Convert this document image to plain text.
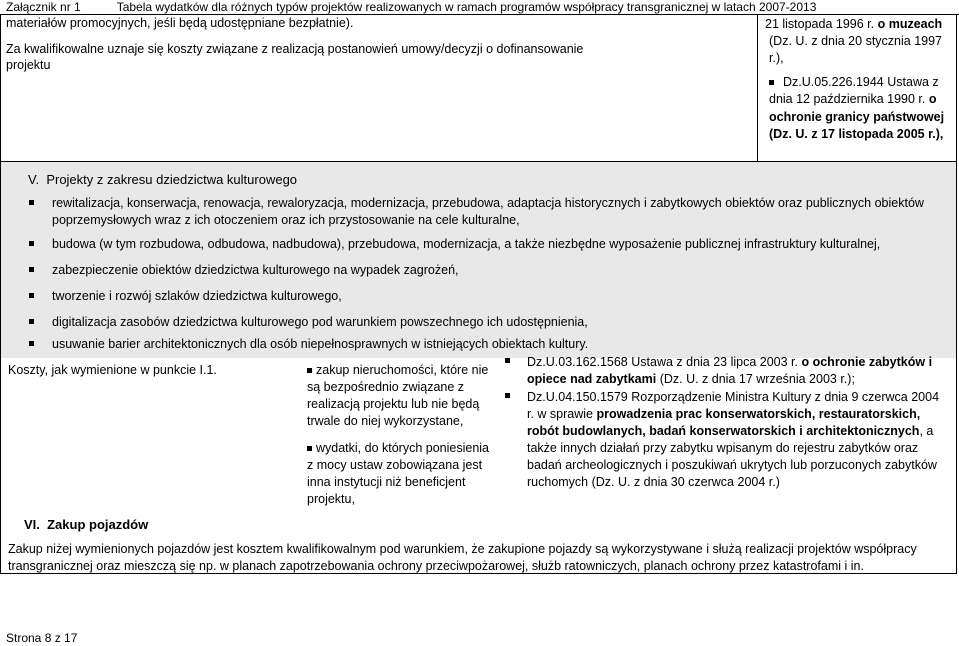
Załącznik nr 1	Tabela wydatków dla różnych typów projektów realizowanych w ramach programów współpracy transgranicznej w latach 2007-2013
materiałów promocyjnych, jeśli będą udostępniane bezpłatnie).
Za kwalifikowalne uznaje się koszty związane z realizacją postanowień umowy/decyzji o dofinansowanie
projektu
21 listopada 1996 r. o muzeach
(Dz. U. z dnia 20 stycznia 1997
r.),
Dz.U.05.226.1944 Ustawa z
dnia 12 października 1990 r. o
ochronie granicy państwowej
(Dz. U. z 17 listopada 2005 r.),
V.  Projekty z zakresu dziedzictwa kulturowego
rewitalizacja, konserwacja, renowacja, rewaloryzacja, modernizacja, przebudowa, adaptacja historycznych i zabytkowych obiektów oraz publicznych obiektów poprzemysłowych wraz z ich otoczeniem oraz ich przystosowanie na cele kulturalne,
budowa (w tym rozbudowa, odbudowa, nadbudowa), przebudowa, modernizacja, a także niezbędne wyposażenie publicznej infrastruktury kulturalnej,
zabezpieczenie obiektów dziedzictwa kulturowego na wypadek zagrożeń,
tworzenie i rozwój szlaków dziedzictwa kulturowego,
digitalizacja zasobów dziedzictwa kulturowego pod warunkiem powszechnego ich udostępnienia,
usuwanie barier architektonicznych dla osób niepełnosprawnych w istniejących obiektach kultury.
Koszty, jak wymienione w punkcie I.1.	zakup nieruchomości, które nie są bezpośrednio związane z realizacją projektu lub nie będą trwale do niej wykorzystane,
wydatki, do których poniesienia z mocy ustaw zobowiązana jest inna instytucji niż beneficjent projektu,
Dz.U.03.162.1568 Ustawa z dnia 23 lipca 2003 r. o ochronie zabytków i opiece nad zabytkami (Dz. U. z dnia 17 września 2003 r.);
Dz.U.04.150.1579 Rozporządzenie Ministra Kultury z dnia 9 czerwca 2004 r. w sprawie prowadzenia prac konserwatorskich, restauratorskich, robót budowlanych, badań konserwatorskich i architektonicznych, a także innych działań przy zabytku wpisanym do rejestru zabytków oraz badań archeologicznych i poszukiwań ukrytych lub porzuconych zabytków ruchomych (Dz. U. z dnia 30 czerwca 2004 r.)
VI.  Zakup pojazdów
Zakup niżej wymienionych pojazdów jest kosztem kwalifikowalnym pod warunkiem, że zakupione pojazdy są wykorzystywane i służą realizacji projektów współpracy transgranicznej oraz mieszczą się np. w planach zapotrzebowania ochrony przeciwpożarowej, służb ratowniczych, planach ochrony przez katastrofami i in.
Strona 8 z 17
